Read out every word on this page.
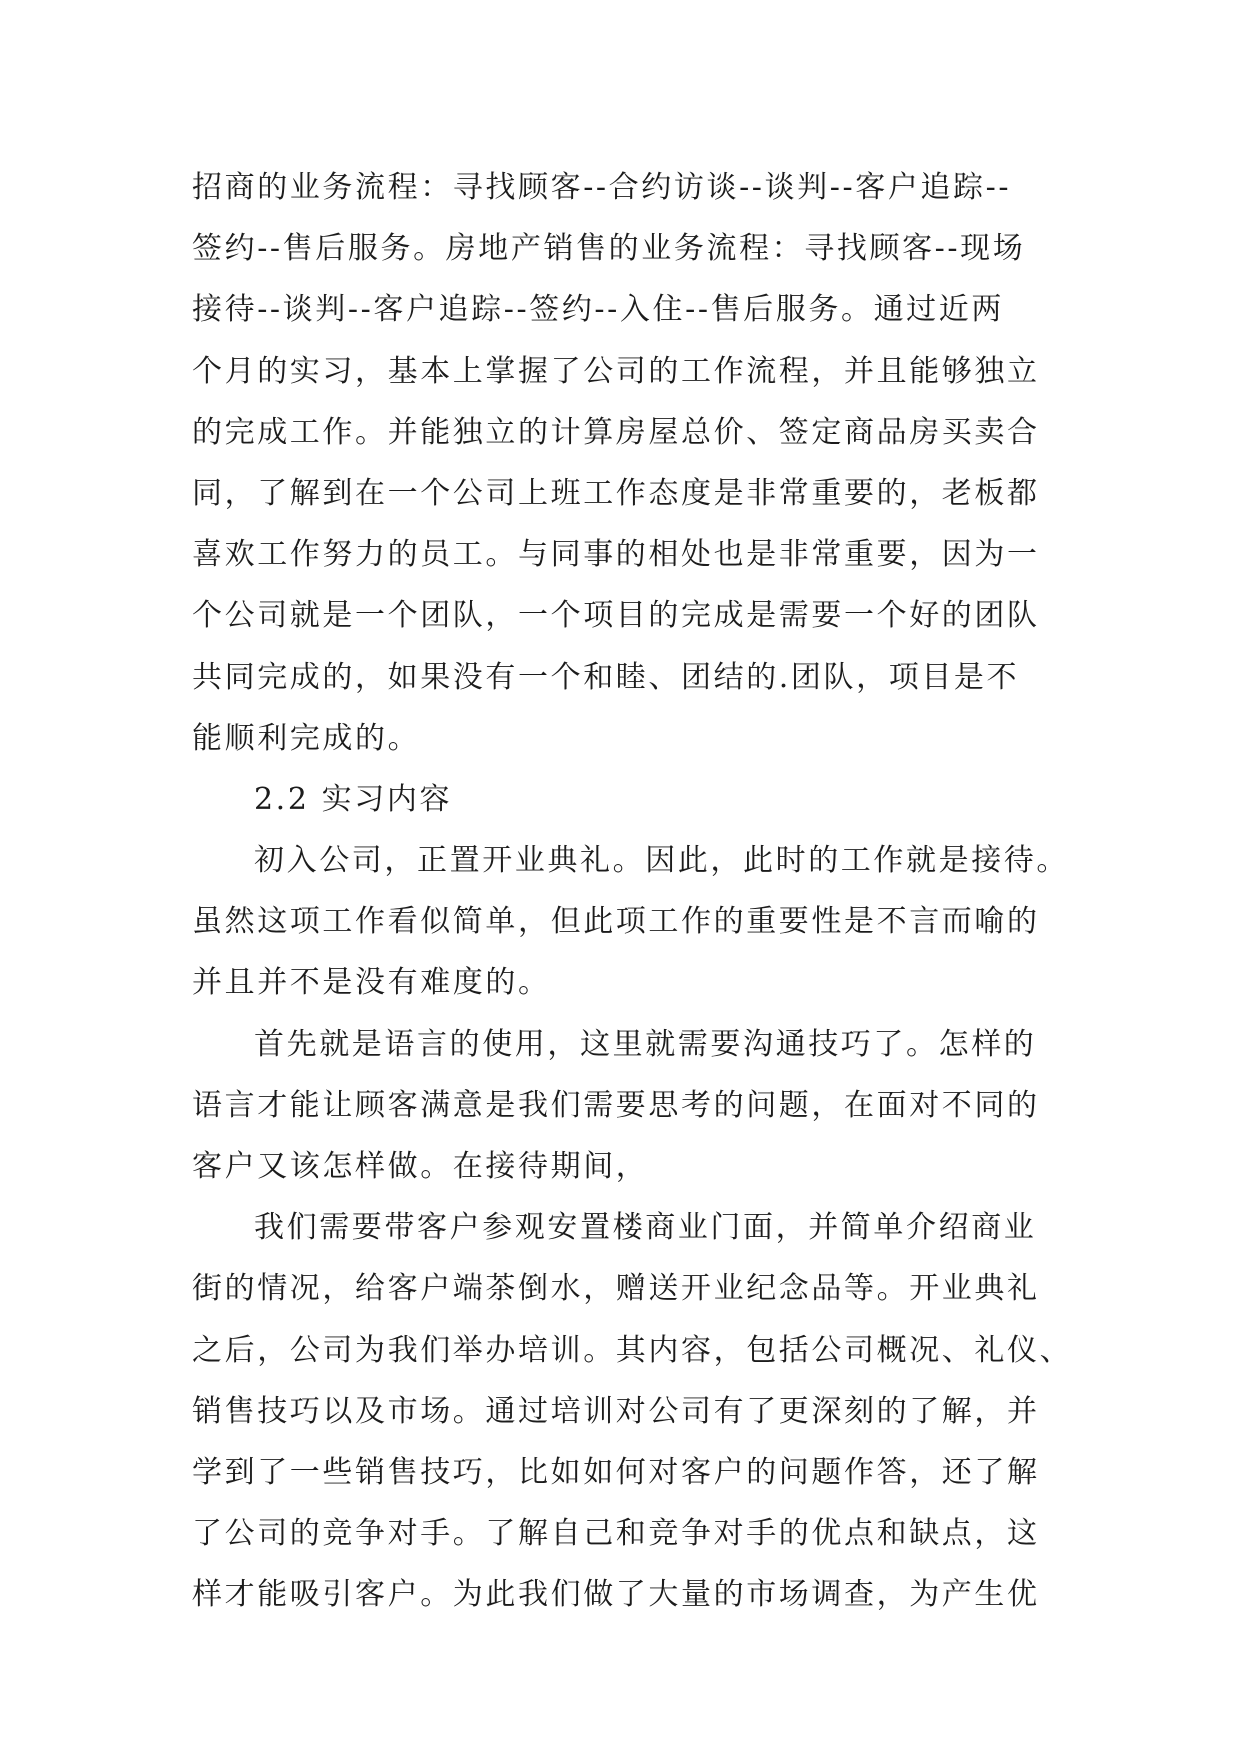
招商的业务流程：寻找顾客--合约访谈--谈判--客户追踪--
签约--售后服务。房地产销售的业务流程：寻找顾客--现场
接待--谈判--客户追踪--签约--入住--售后服务。通过近两
个月的实习，基本上掌握了公司的工作流程，并且能够独立
的完成工作。并能独立的计算房屋总价、签定商品房买卖合
同，了解到在一个公司上班工作态度是非常重要的，老板都
喜欢工作努力的员工。与同事的相处也是非常重要，因为一
个公司就是一个团队，一个项目的完成是需要一个好的团队
共同完成的，如果没有一个和睦、团结的.团队，项目是不
能顺利完成的。
2.2 实习内容
初入公司，正置开业典礼。因此，此时的工作就是接待。
虽然这项工作看似简单，但此项工作的重要性是不言而喻的
并且并不是没有难度的。
首先就是语言的使用，这里就需要沟通技巧了。怎样的
语言才能让顾客满意是我们需要思考的问题，在面对不同的
客户又该怎样做。在接待期间，
我们需要带客户参观安置楼商业门面，并简单介绍商业
街的情况，给客户端茶倒水，赠送开业纪念品等。开业典礼
之后，公司为我们举办培训。其内容，包括公司概况、礼仪、
销售技巧以及市场。通过培训对公司有了更深刻的了解，并
学到了一些销售技巧，比如如何对客户的问题作答，还了解
了公司的竞争对手。了解自己和竞争对手的优点和缺点，这
样才能吸引客户。为此我们做了大量的市场调查，为产生优
